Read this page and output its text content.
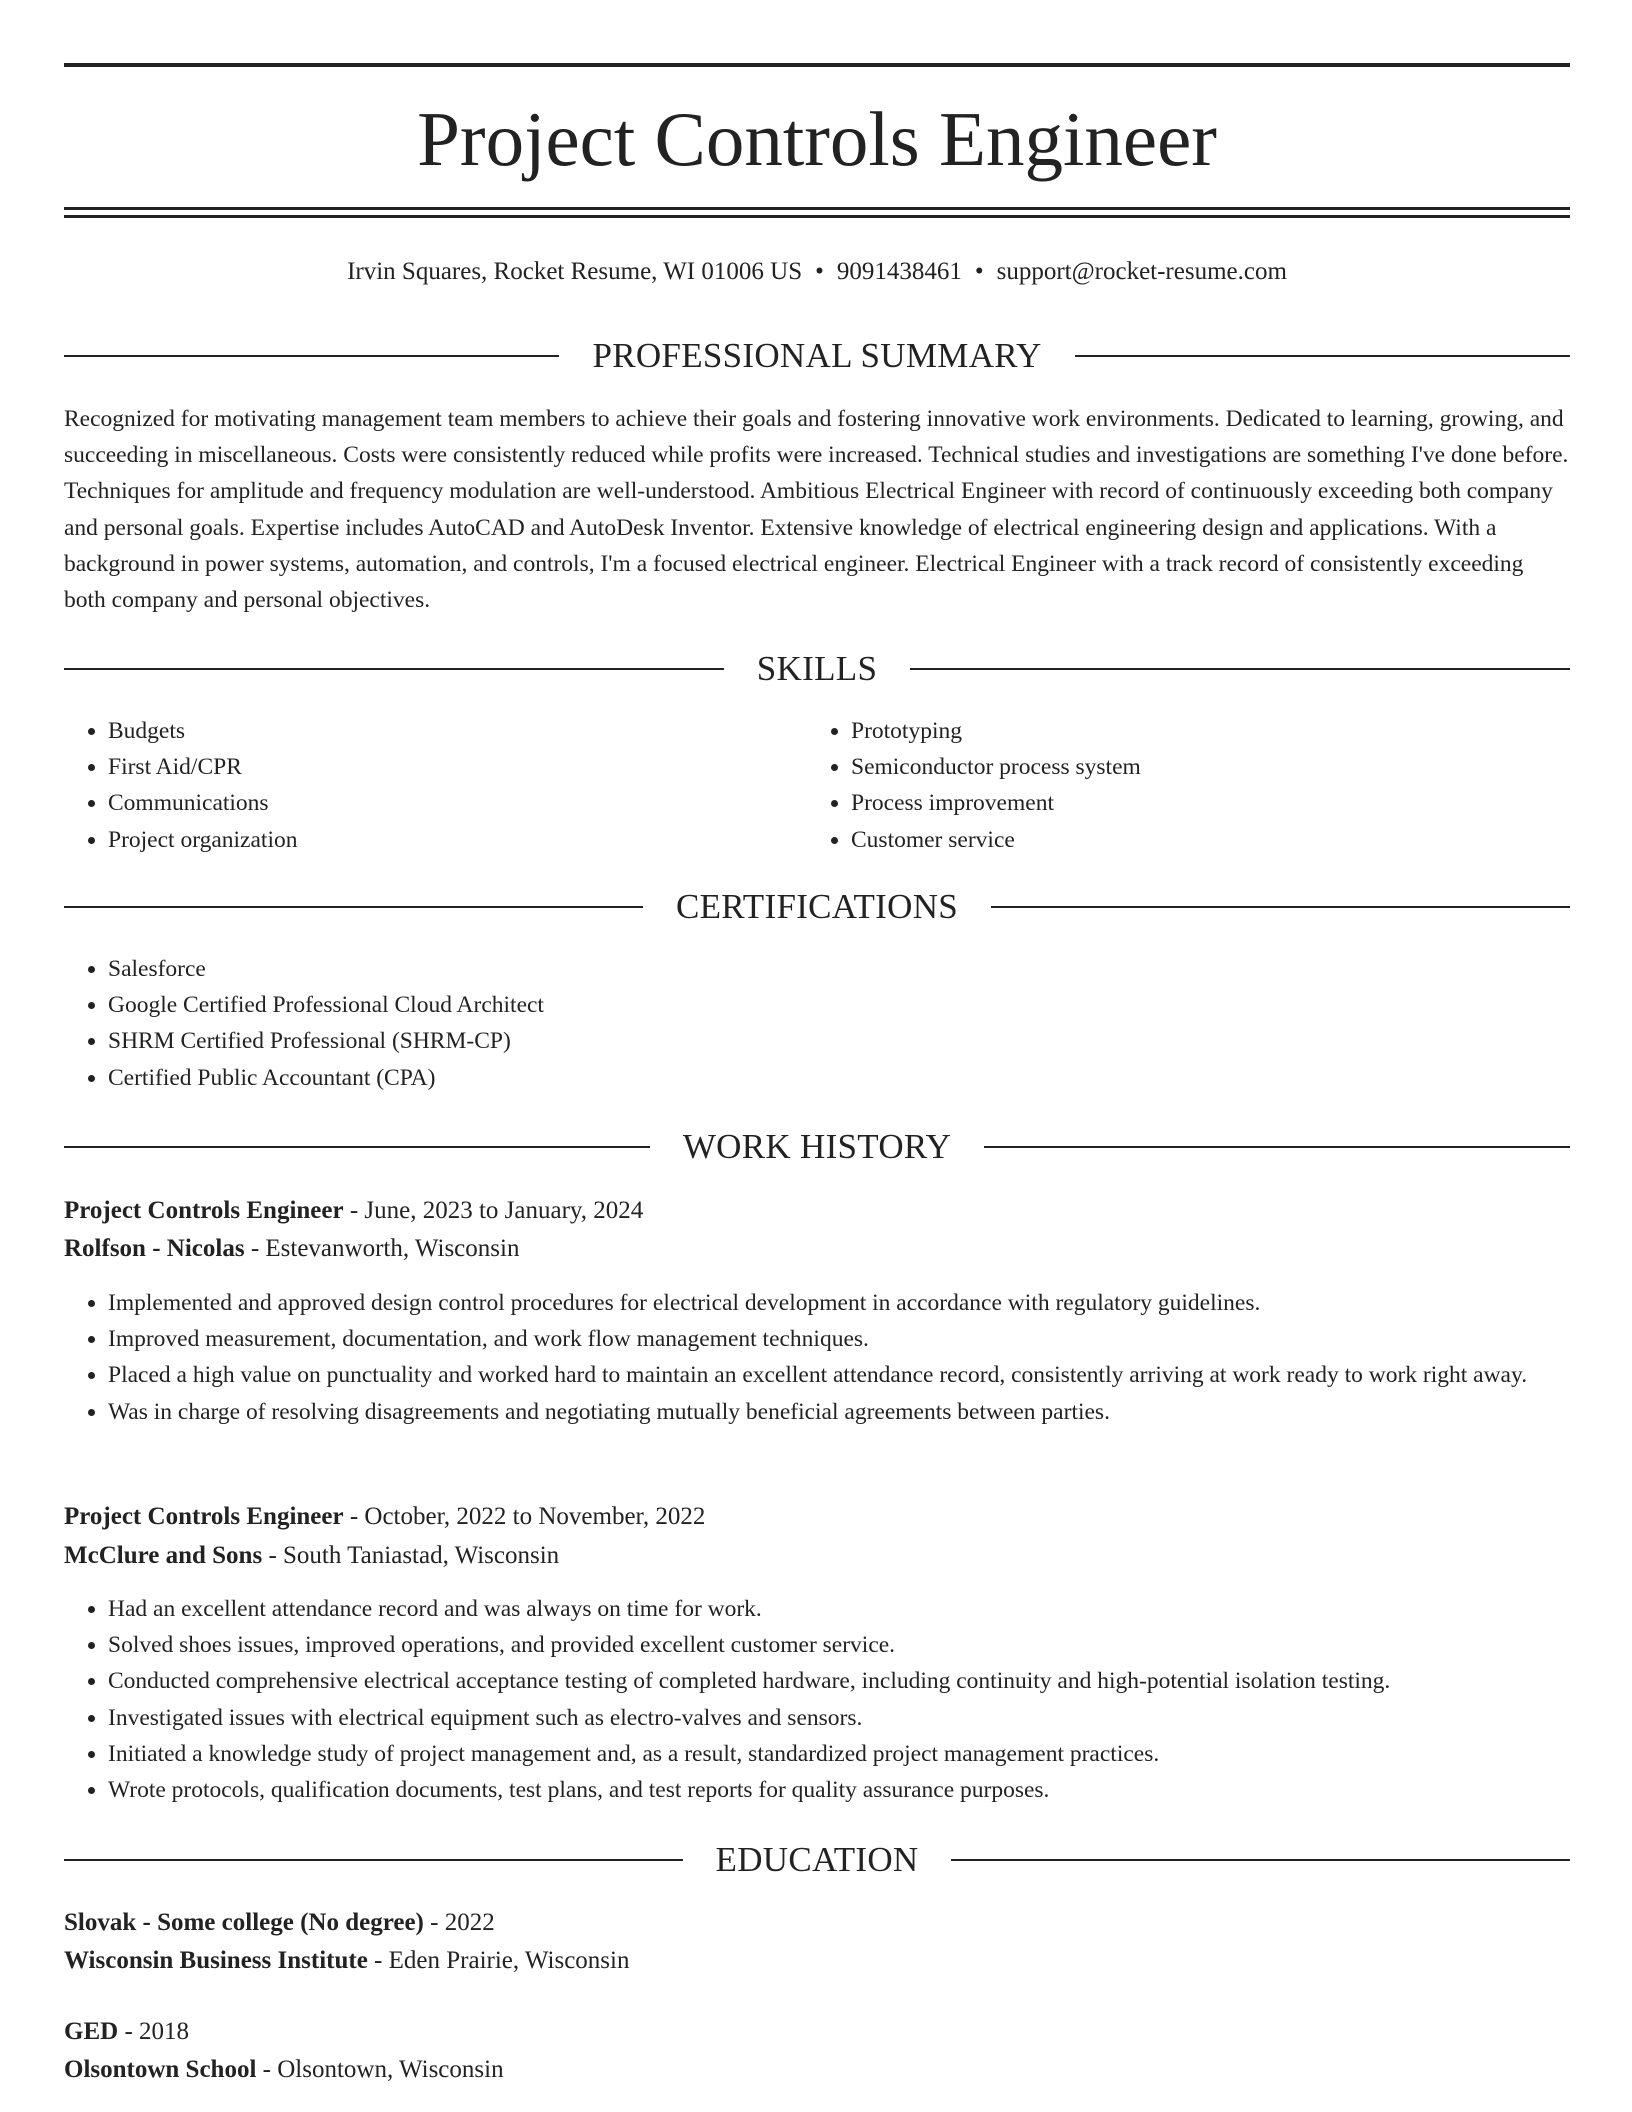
Project Controls Engineer
Irvin Squares, Rocket Resume, WI 01006 US • 9091438461 • support@rocket-resume.com
PROFESSIONAL SUMMARY

Recognized for motivating management team members to achieve their goals and fostering innovative work environments. Dedicated to learning, growing, and succeeding in miscellaneous. Costs were consistently reduced while profits were increased. Technical studies and investigations are something I've done before. Techniques for amplitude and frequency modulation are well-understood. Ambitious Electrical Engineer with record of continuously exceeding both company and personal goals. Expertise includes AutoCAD and AutoDesk Inventor. Extensive knowledge of electrical engineering design and applications. With a background in power systems, automation, and controls, I'm a focused electrical engineer. Electrical Engineer with a track record of consistently exceeding both company and personal objectives.

SKILLS
• Budgets
• First Aid/CPR
• Communications
• Project organization
• Prototyping
• Semiconductor process system
• Process improvement
• Customer service
CERTIFICATIONS
• Salesforce
• Google Certified Professional Cloud Architect
• SHRM Certified Professional (SHRM-CP)
• Certified Public Accountant (CPA)
WORK HISTORY
Project Controls Engineer - June, 2023 to January, 2024
Rolfson - Nicolas - Estevanworth, Wisconsin
• Implemented and approved design control procedures for electrical development in accordance with regulatory guidelines.
• Improved measurement, documentation, and work flow management techniques.
• Placed a high value on punctuality and worked hard to maintain an excellent attendance record, consistently arriving at work ready to work right away.
• Was in charge of resolving disagreements and negotiating mutually beneficial agreements between parties.
Project Controls Engineer - October, 2022 to November, 2022
McClure and Sons - South Taniastad, Wisconsin
• Had an excellent attendance record and was always on time for work.
• Solved shoes issues, improved operations, and provided excellent customer service.
• Conducted comprehensive electrical acceptance testing of completed hardware, including continuity and high-potential isolation testing.
• Investigated issues with electrical equipment such as electro-valves and sensors.
• Initiated a knowledge study of project management and, as a result, standardized project management practices.
• Wrote protocols, qualification documents, test plans, and test reports for quality assurance purposes.
EDUCATION
Slovak - Some college (No degree) - 2022
Wisconsin Business Institute - Eden Prairie, Wisconsin
GED - 2018
Olsontown School - Olsontown, Wisconsin
